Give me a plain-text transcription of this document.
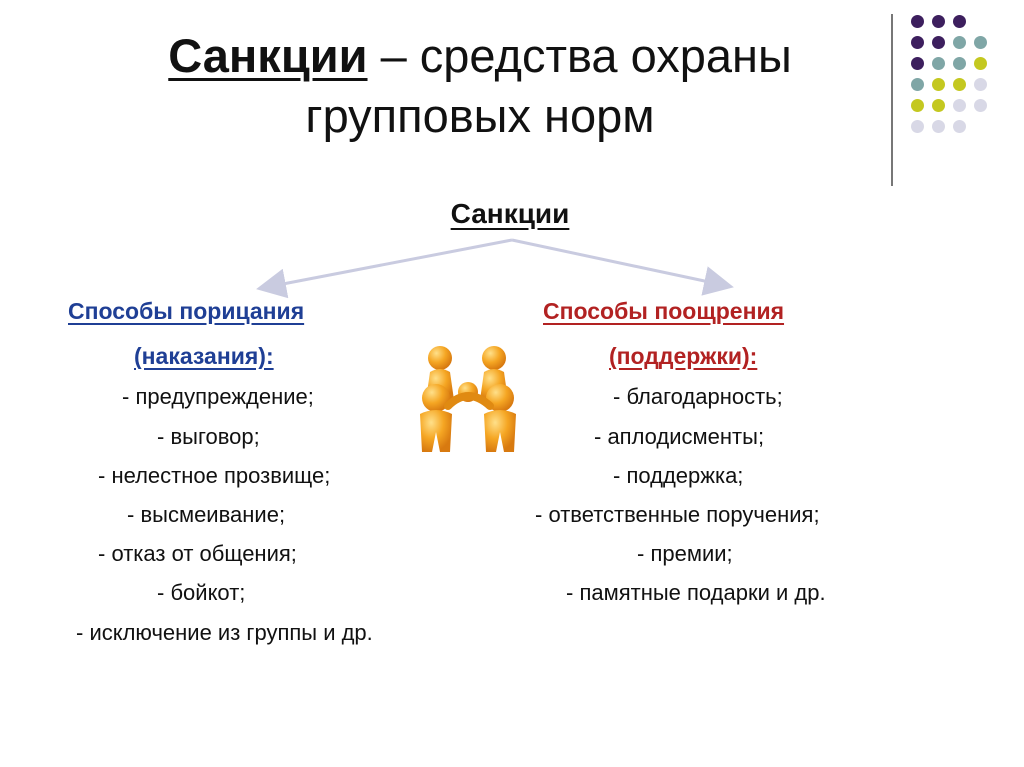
Санкции – средства охраны
групповых норм
Санкции
Способы порицания
(наказания):
- предупреждение;
- выговор;
- нелестное прозвище;
- высмеивание;
- отказ от общения;
- бойкот;
- исключение из группы и др.
Способы поощрения
(поддержки):
- благодарность;
- аплодисменты;
- поддержка;
- ответственные поручения;
- премии;
- памятные подарки и др.
